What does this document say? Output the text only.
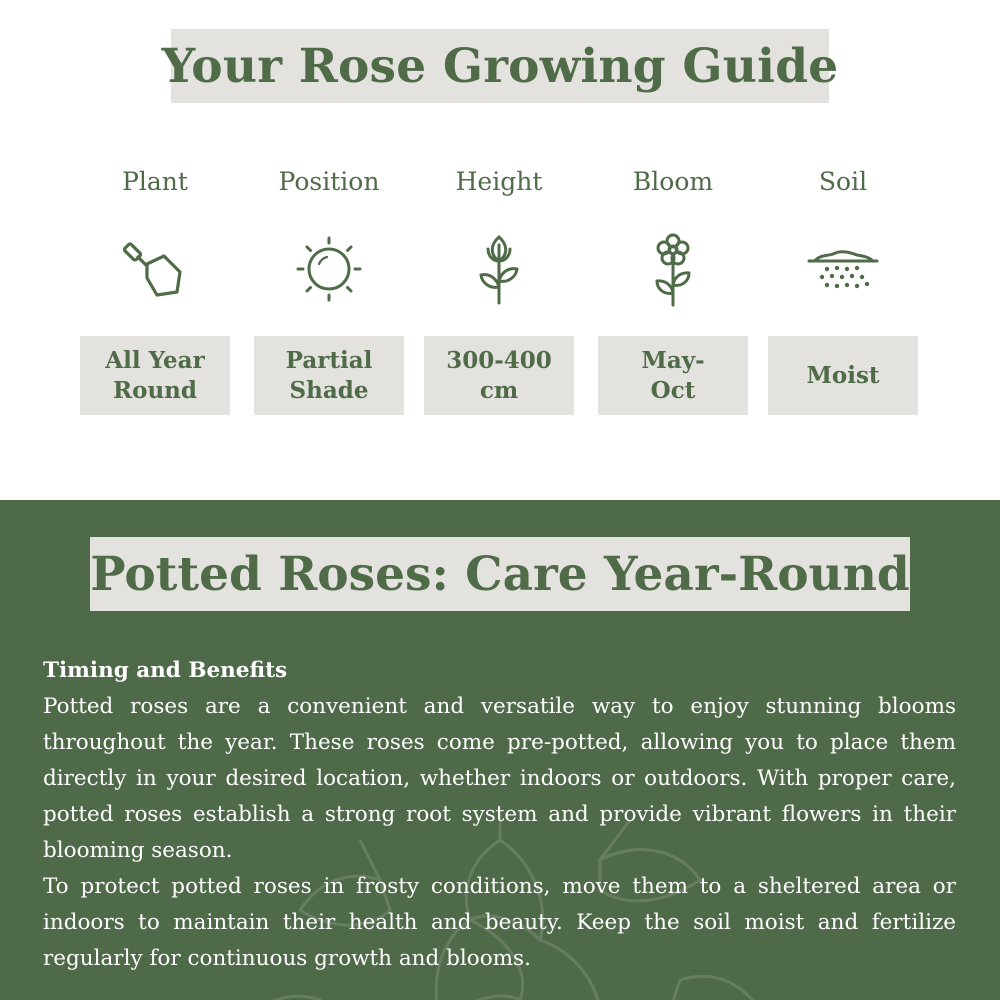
Your Rose Growing Guide
Plant
All Year
Round
Position
Partial
Shade
Height
300-400
cm
Bloom
May-
Oct
Soil
Moist
Potted Roses: Care Year-Round
Timing and Benefits

Potted roses are a convenient and versatile way to enjoy stunning blooms throughout the year. These roses come pre-potted, allowing you to place them directly in your desired location, whether indoors or outdoors. With proper care, potted roses establish a strong root system and provide vibrant flowers in their blooming season.

To protect potted roses in frosty conditions, move them to a sheltered area or indoors to maintain their health and beauty. Keep the soil moist and fertilize regularly for continuous growth and blooms.
